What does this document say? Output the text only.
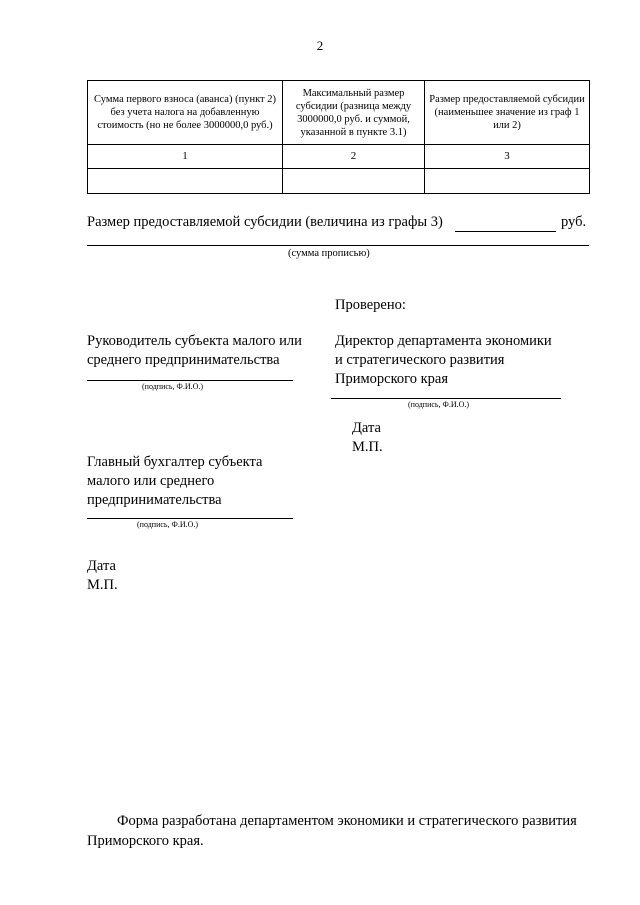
2
Сумма первого взноса (аванса) (пункт 2) без учета налога на добавленную стоимость (но не более 3000000,0 руб.)	Максимальный размер субсидии (разница между 3000000,0 руб. и суммой, указанной в пункте 3.1)	Размер предоставляемой субсидии (наименьшее значение из граф 1 или 2)
1	2	3

Размер предоставляемой субсидии (величина из графы 3)	руб.
(сумма прописью)
Проверено:
Руководитель субъекта малого или
среднего предпринимательства
(подпись, Ф.И.О.)
Директор департамента экономики
и стратегического развития
Приморского края
(подпись, Ф.И.О.)
Дата
М.П.
Главный бухгалтер субъекта
малого или среднего
предпринимательства
(подпись, Ф.И.О.)
Дата
М.П.
Форма разработана департаментом экономики и стратегического развития
Приморского края.
